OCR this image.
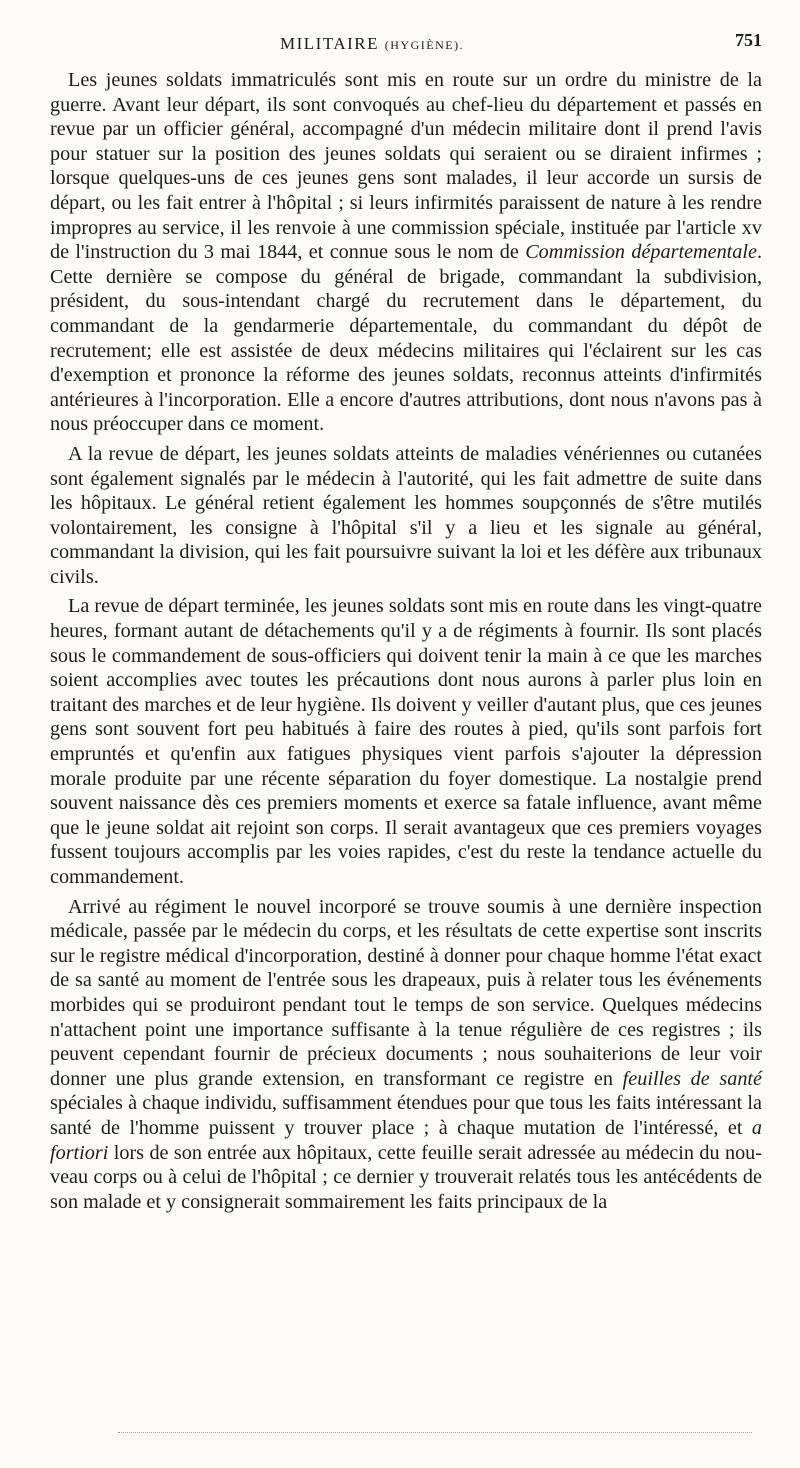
MILITAIRE (HYGIÈNE).	751

Les jeunes soldats immatriculés sont mis en route sur un ordre du ministre de la guerre. Avant leur départ, ils sont convoqués au chef-lieu du département et passés en revue par un officier général, accompagné d'un médecin militaire dont il prend l'avis pour statuer sur la position des jeunes soldats qui seraient ou se diraient infirmes ; lorsque quelques-uns de ces jeunes gens sont malades, il leur accorde un sursis de départ, ou les fait entrer à l'hôpital ; si leurs infirmités paraissent de nature à les rendre impropres au service, il les renvoie à une commission spéciale, instituée par l'article xv de l'instruction du 3 mai 1844, et connue sous le nom de Commission départementale. Cette dernière se compose du général de brigade, commandant la subdivision, président, du sous-intendant chargé du recrutement dans le département, du commandant de la gendarmerie départementale, du commandant du dépôt de recrutement; elle est assistée de deux médecins militaires qui l'éclairent sur les cas d'exemption et prononce la réforme des jeunes soldats, reconnus atteints d'infirmités antérieures à l'incorporation. Elle a encore d'autres attributions, dont nous n'avons pas à nous préoccuper dans ce moment.

A la revue de départ, les jeunes soldats atteints de maladies vénériennes ou cutanées sont également signalés par le médecin à l'autorité, qui les fait admettre de suite dans les hôpitaux. Le général retient également les hommes soupçonnés de s'être mutilés volontairement, les consigne à l'hôpital s'il y a lieu et les signale au général, commandant la division, qui les fait poursuivre suivant la loi et les défère aux tribunaux civils.

La revue de départ terminée, les jeunes soldats sont mis en route dans les vingt-quatre heures, formant autant de détachements qu'il y a de régiments à fournir. Ils sont placés sous le commandement de sous-officiers qui doivent tenir la main à ce que les marches soient accomplies avec toutes les précautions dont nous aurons à parler plus loin en traitant des marches et de leur hygiène. Ils doivent y veiller d'autant plus, que ces jeunes gens sont souvent fort peu habitués à faire des routes à pied, qu'ils sont parfois fort empruntés et qu'enfin aux fatigues physiques vient parfois s'ajouter la dépression morale produite par une récente séparation du foyer domestique. La nostalgie prend souvent naissance dès ces premiers moments et exerce sa fatale influence, avant même que le jeune soldat ait rejoint son corps. Il serait avantageux que ces premiers voyages fussent toujours accomplis par les voies rapides, c'est du reste la tendance actuelle du commandement.

Arrivé au régiment le nouvel incorporé se trouve soumis à une dernière inspection médicale, passée par le médecin du corps, et les résultats de cette expertise sont inscrits sur le registre médical d'incorporation, destiné à donner pour chaque homme l'état exact de sa santé au moment de l'entrée sous les drapeaux, puis à relater tous les événements morbides qui se produiront pendant tout le temps de son service. Quelques médecins n'attachent point une importance suffisante à la tenue régulière de ces registres ; ils peuvent cependant fournir de précieux documents ; nous souhaiterions de leur voir donner une plus grande extension, en transformant ce registre en feuilles de santé spéciales à chaque individu, suffisamment étendues pour que tous les faits intéressant la santé de l'homme puissent y trouver place ; à chaque mutation de l'intéressé, et a fortiori lors de son entrée aux hôpitaux, cette feuille serait adressée au médecin du nouveau corps ou à celui de l'hôpital ; ce dernier y trouverait relatés tous les antécédents de son malade et y consignerait sommairement les faits principaux de la
